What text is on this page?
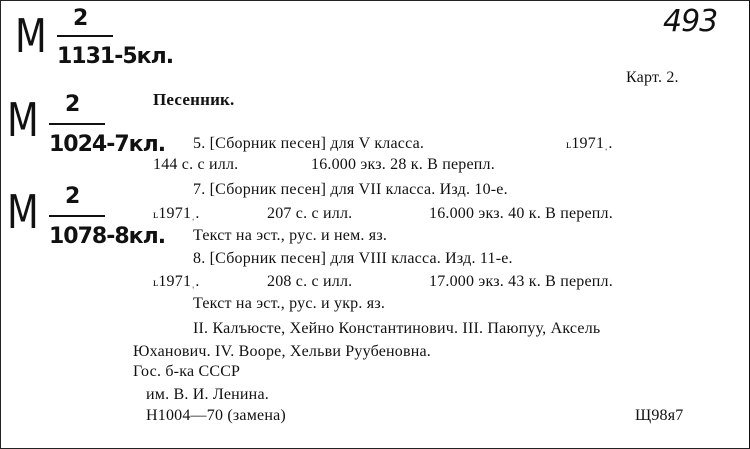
493
М 2
1131-5кл.
М 2
1024-7кл.
М 2
1078-8кл.
Карт. 2.
Песенник.
5. [Сборник песен] для V класса.	ʟ1971ˌ.
144 с. с илл.	16.000 экз. 28 к. В перепл.
7. [Сборник песен] для VII класса. Изд. 10-е.
ʟ1971ˌ.	207 с. с илл.	16.000 экз. 40 к. В перепл.
Текст на эст., рус. и нем. яз.
8. [Сборник песен] для VIII класса. Изд. 11-е.
ʟ1971ˌ.	208 с. с илл.	17.000 экз. 43 к. В перепл.
Текст на эст., рус. и укр. яз.
II. Калъюсте, Хейно Константинович. III. Паюпуу, Аксель
Юханович. IV. Вооре, Хельви Руубеновна.
Гос. б-ка СССР
им. В. И. Ленина.
Н1004—70 (замена)	Щ98я7
